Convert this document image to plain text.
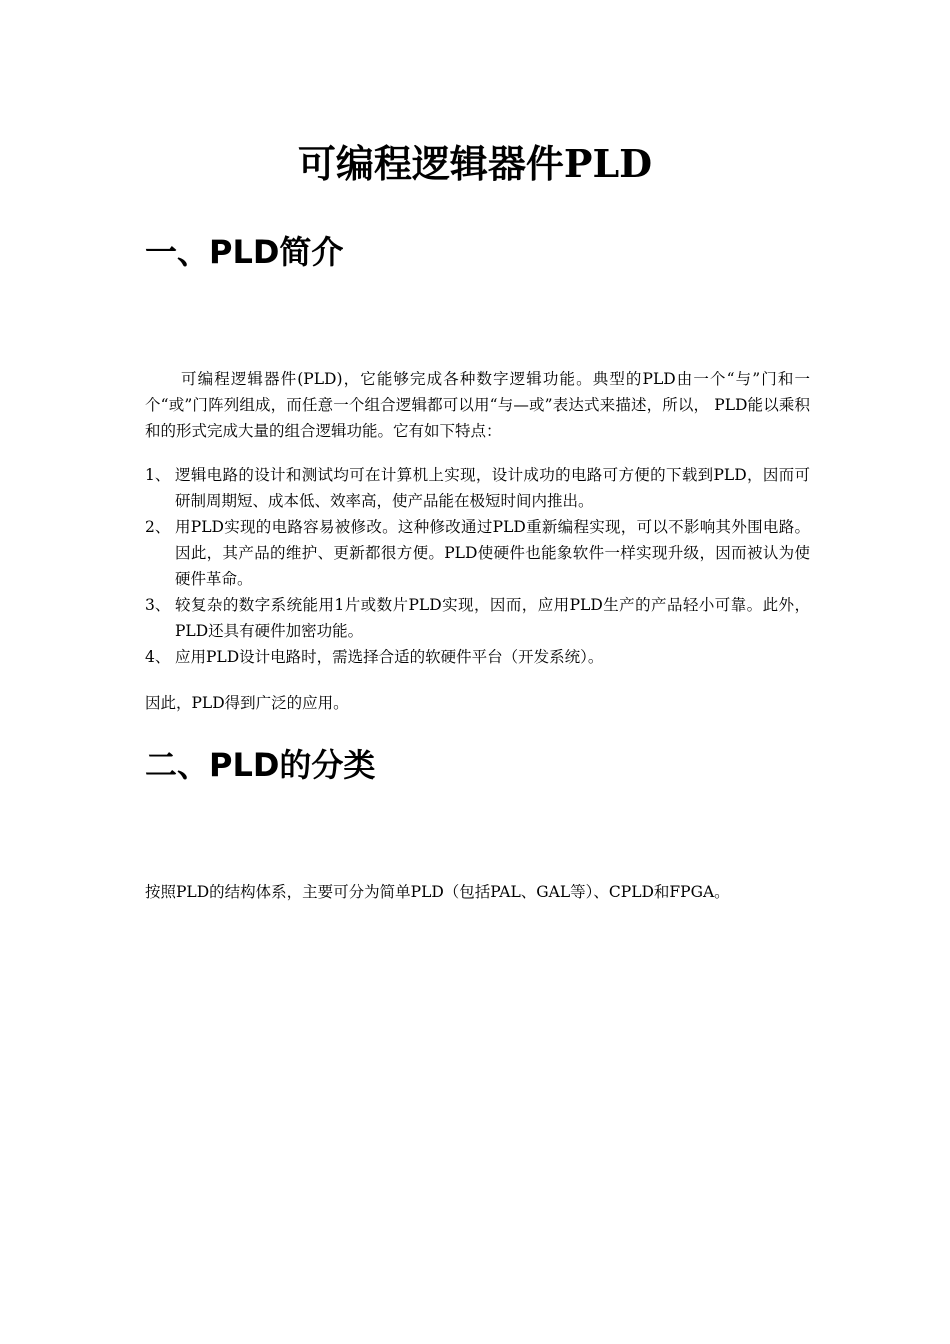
可编程逻辑器件PLD
一、PLD简介

可编程逻辑器件(PLD)，它能够完成各种数字逻辑功能。典型的PLD由一个“与”门和一个“或”门阵列组成，而任意一个组合逻辑都可以用“与—或”表达式来描述，所以， PLD能以乘积和的形式完成大量的组合逻辑功能。它有如下特点：

1、 逻辑电路的设计和测试均可在计算机上实现，设计成功的电路可方便的下载到PLD，因而可研制周期短、成本低、效率高，使产品能在极短时间内推出。
2、 用PLD实现的电路容易被修改。这种修改通过PLD重新编程实现，可以不影响其外围电路。因此，其产品的维护、更新都很方便。PLD使硬件也能象软件一样实现升级，因而被认为使硬件革命。
3、 较复杂的数字系统能用1片或数片PLD实现，因而，应用PLD生产的产品轻小可靠。此外，PLD还具有硬件加密功能。
4、 应用PLD设计电路时，需选择合适的软硬件平台（开发系统）。

因此，PLD得到广泛的应用。

二、PLD的分类

按照PLD的结构体系，主要可分为简单PLD（包括PAL、GAL等）、CPLD和FPGA。
